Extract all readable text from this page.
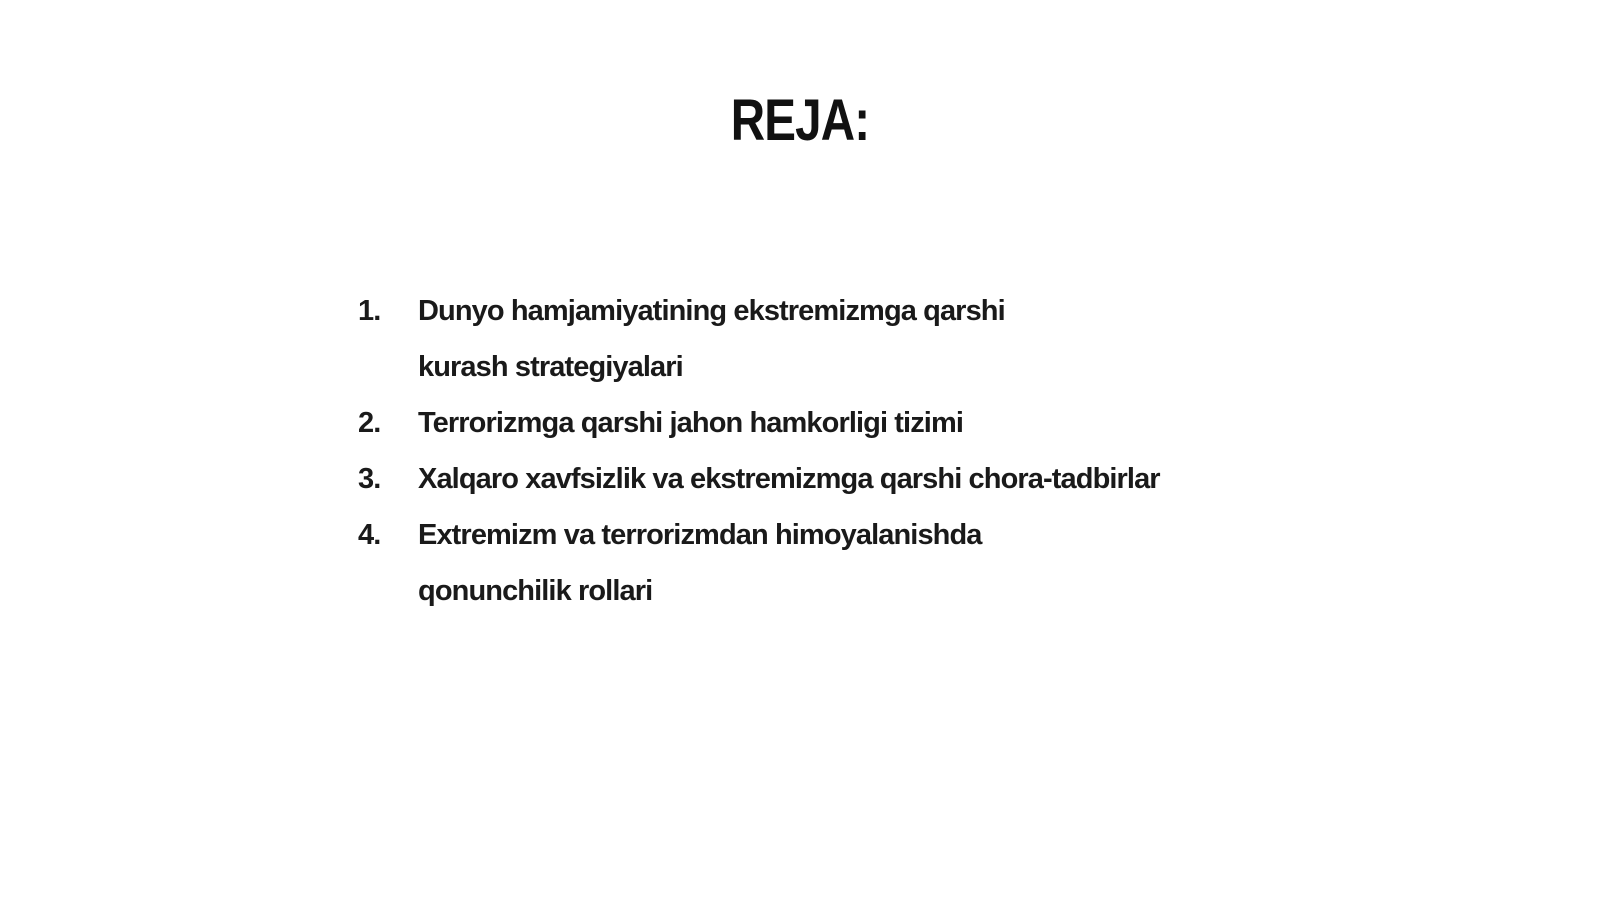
REJA:
1.	Dunyo hamjamiyatining ekstremizmga qarshi kurash strategiyalari
2.	Terrorizmga qarshi jahon hamkorligi tizimi
3.	Xalqaro xavfsizlik va ekstremizmga qarshi chora-tadbirlar
4.	Extremizm va terrorizmdan himoyalanishda qonunchilik rollari
